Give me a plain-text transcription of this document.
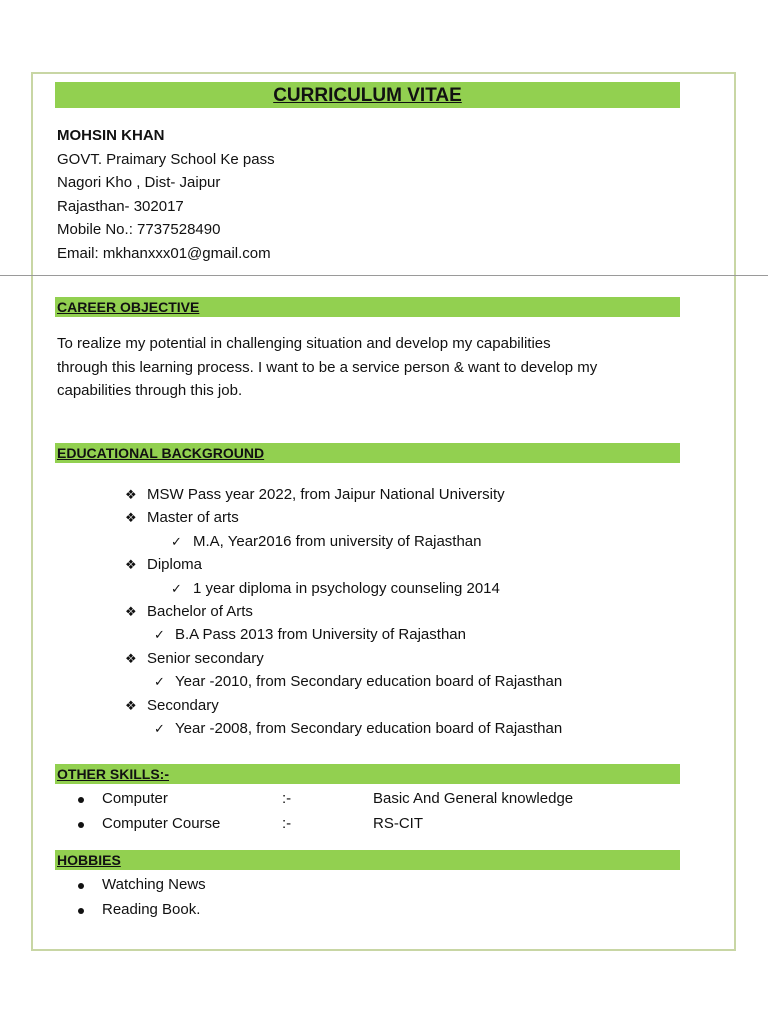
CURRICULUM VITAE
MOHSIN KHAN
GOVT. Praimary School Ke pass
Nagori Kho , Dist- Jaipur
Rajasthan- 302017
Mobile No.: 7737528490
Email: mkhanxxx01@gmail.com
CAREER OBJECTIVE
To realize my potential in challenging situation and develop my capabilities
through this learning process. I want to be a service person & want to develop my
capabilities through this job.
EDUCATIONAL BACKGROUND
❖ MSW Pass year 2022, from Jaipur National University
❖ Master of arts
✓ M.A, Year2016 from university of Rajasthan
❖ Diploma
✓ 1 year diploma in psychology counseling 2014
❖ Bachelor of Arts
✓ B.A Pass 2013 from University of Rajasthan
❖ Senior secondary
✓ Year -2010, from Secondary education board of Rajasthan
❖ Secondary
✓ Year -2008, from Secondary education board of Rajasthan
OTHER SKILLS:-
Computer	:-	Basic And General knowledge
Computer Course	:-	RS-CIT
HOBBIES
Watching News
Reading Book.
